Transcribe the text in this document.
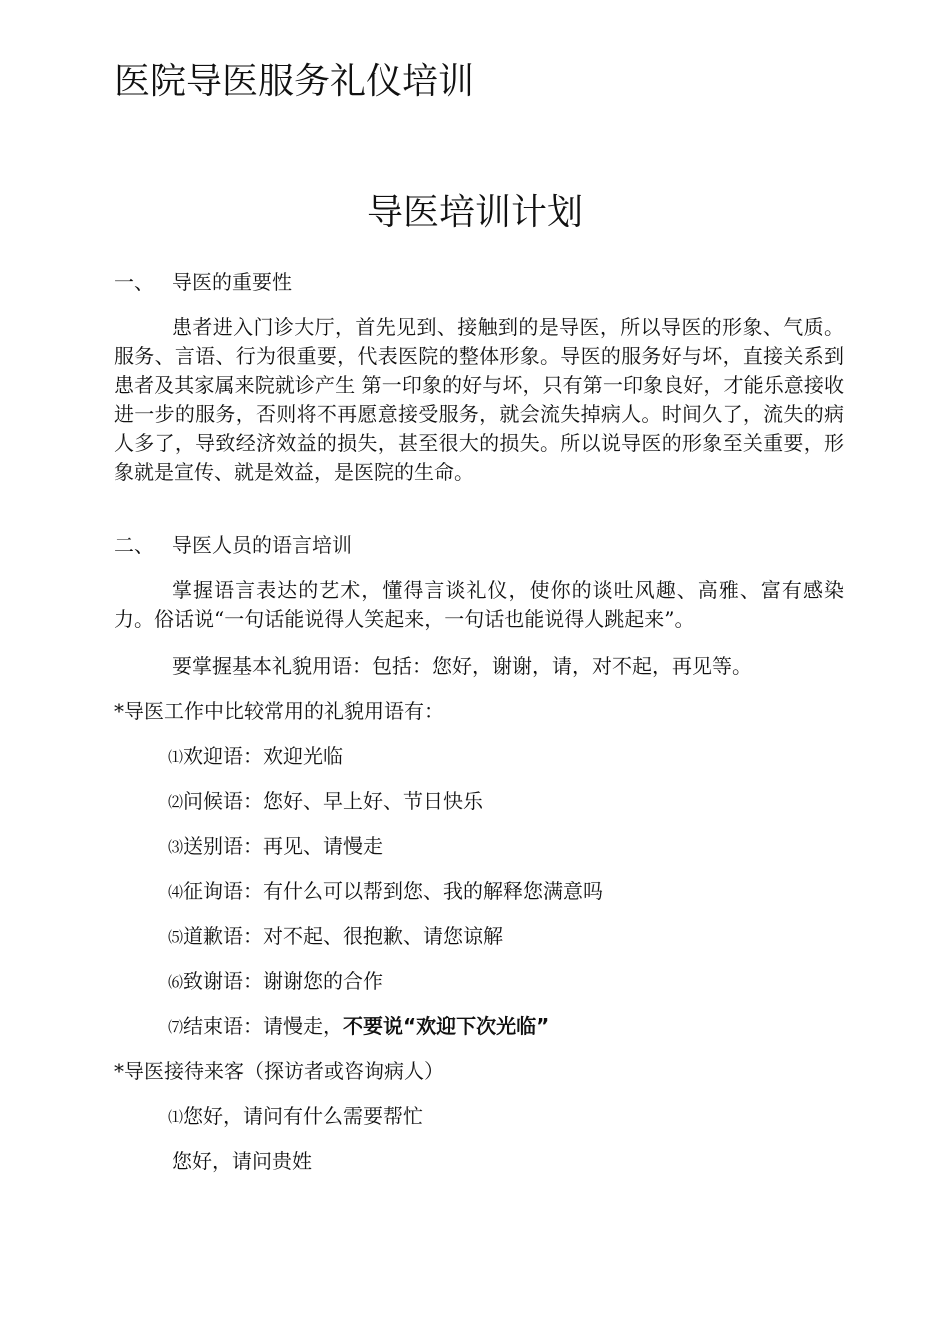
医院导医服务礼仪培训
导医培训计划
一、 导医的重要性

患者进入门诊大厅，首先见到、接触到的是导医，所以导医的形象、气质。服务、言语、行为很重要，代表医院的整体形象。导医的服务好与坏，直接关系到患者及其家属来院就诊产生 第一印象的好与坏，只有第一印象良好，才能乐意接收进一步的服务，否则将不再愿意接受服务，就会流失掉病人。时间久了，流失的病人多了，导致经济效益的损失，甚至很大的损失。所以说导医的形象至关重要，形象就是宣传、就是效益，是医院的生命。

二、 导医人员的语言培训

掌握语言表达的艺术，懂得言谈礼仪，使你的谈吐风趣、高雅、富有感染力。俗话说“一句话能说得人笑起来，一句话也能说得人跳起来”。

要掌握基本礼貌用语：包括：您好，谢谢，请，对不起，再见等。
*导医工作中比较常用的礼貌用语有：
⑴欢迎语：欢迎光临
⑵问候语：您好、早上好、节日快乐
⑶送别语：再见、请慢走
⑷征询语：有什么可以帮到您、我的解释您满意吗
⑸道歉语：对不起、很抱歉、请您谅解
⑹致谢语：谢谢您的合作
⑺结束语：请慢走，不要说“欢迎下次光临”
*导医接待来客（探访者或咨询病人）
⑴您好，请问有什么需要帮忙
您好，请问贵姓
